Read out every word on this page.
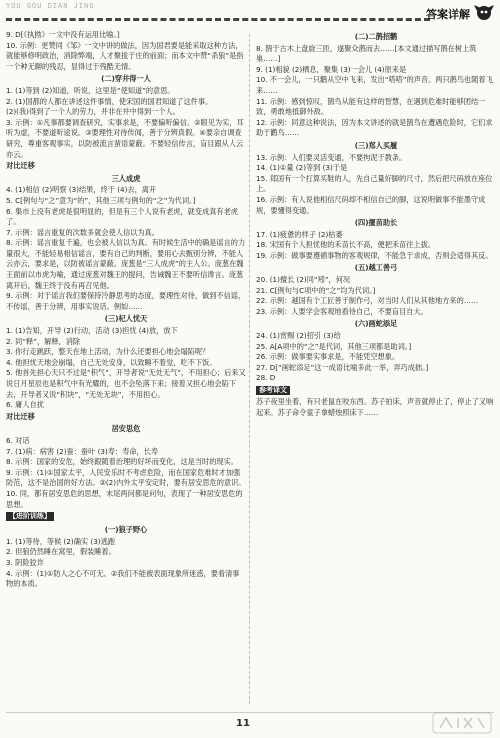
YOU GOU DIAN JING
答案详解
9. D[《执拗》一文中没有运用比喻。]
10. 示例：更赞同《邹》一文中讲的做法，因为国君要是能采取这种方法，就能够修明政治，消除弊端，人才聚拢于庄的前面；而本文中赞“杀狼”是指一个种无聊的残忍，显得过于残酷无情。
(二)穿井得一人
1. (1)等到 (2)知道，听说，这里是“使知道”的意思。
2. (1)国都的人都在讲述这件事情，使宋国的国君知道了这件事。
(2)(我)得到了一个人的劳力，并非在井中得到一个人。
3. 示例：①凡事都要调查研究，实事求是，不要偏听偏信。②眼见为实，耳听为虚，不要道听途说。③要理性对待传闻，善于分辨真假。④要亲自调查研究，尊重客观事实，以防被流言蜚语蒙蔽。不要轻信传言，盲目跟从人云亦云。
对比迁移
三人成虎
4. (1)相信 (2)明察 (3)结果，终于 (4)去，离开
5. C[例句与“之”意为“的”，其他三项与例句的“之”为代词。]
6. 集市上没有老虎是很明显的，但是有三个人说有老虎，就变成真有老虎了。
7. 示例：谣言重复的次数多就会使人信以为真。
8. 示例：谣言重复千遍，也会被人信以为真。有时候生活中的确是谣言的力量很大，不能轻易相信谣言，要有自己的判断，要用心去甄别分辨，不能人云亦云，要求是，以防被谣言蒙蔽。庞葱是“三人成虎”的主人公。庞葱在魏王面前以市虎为喻，通过庞葱对魏王的提问，告诫魏王不要听信谗言。庞葱离开后，魏王终于没有再召见他。
9. 示例：对于谣言我们要保持冷静思考的态度，要理性对待，做到不信谣，不传谣，善于分辨，用事实说话。例如……
(三)杞人忧天
1. (1)告知，开导 (2)行动，活动 (3)担忧 (4)放，放下
2. 同“释”，解释，消除
3. 你行走跳跃，整天在地上活动，为什么还要担心地会塌陷呢？
4. 他担忧天地会崩塌，自己无处安身，以致睡不着觉，吃不下饭。
5. 他首先担心天只不过是“积气”，开导者说“无处无气”，不用担心；后来又说日月星辰也是积气中有光耀的，也不会坠落下来；接着又担心地会陷下去，开导者又说“积块”，“无处无块”，不用担心。
6. 庸人自扰
对比迁移
居安思危
6. 对话
7. (1)病：病害 (2)蚕：蚕叶 (3)寿：寿命，长寿
8. 示例：国家的安危，始终跟随着治理的好坏而变化，这是当时的现实。
9. 示例：(1)①国家太平，人民安乐时不考虑危险，而在国家危难时才加强防范，这不是治国的好方法。②(2)内外太平安定时，要有居安思危的意识。
10. 同，都有居安思危的思想，末尾两问都是问句，表现了一种居安思危的思想。
【进阶训练】

(一)狼子野心
1. (1)等待，等候 (2)确实 (3)逃跑
2. 但狼仍然睡在窝里，假装睡着。
3. 阴险狡诈
4. 示例：(1)①防人之心不可无。②我们不能被表面现象所迷惑，要看清事物的本质。
(二)二鹊招鹳
8. 鹊于古木上盘旋三匝，遂聚众鹊而去……[本文通过描写鹊在树上筑巢……]
9. (1)相貌 (2)栖息，聚集 (3)一会儿 (4)原来是
10. 不一会儿，一只鹳从空中飞来，发出“嗒嗒”的声音。两只鹊鸟也随着飞来……
11. 示例：感到惊叹，鹊鸟从能有这样的智慧，在遇到危难时能够团结一致，勇敢地抵御外敌。
12. 示例：同意这种说法，因为本文讲述的就是鹊鸟在遭遇危险时，它们求助于鹳鸟……
(三)郑人买履
13. 示例：人们要灵活变通，不要拘泥于教条。
14. (1)①量 (2)等到 (3)于是
15. 郑国有一个打算买鞋的人，先自己量好脚的尺寸，然后把尺码放在座位上。
16. 示例：有人说他相信尺码却不相信自己的脚，这说明做事不能墨守成规，要懂得变通。
(四)揠苗助长
17. (1)疲惫的样子 (2)枯萎
18. 宋国有个人担忧他的禾苗长不高，便把禾苗往上拔。
19. 示例：做事要遵循事物的客观规律，不能急于求成，否则会适得其反。
(五)越工善弓
20. (1)擅长 (2)同“矧”，何况
21. C[例句与C项中的“之”均为代词。]
22. 示例：越国有个工匠善于制作弓，对当时人们从其他地方来的……
23. 示例：人要学会客观地看待自己，不要盲目自大。
(六)画蛇添足
24. (1)赏赐 (2)招引 (3)给
25. A[A项中的“之”是代词，其他三项都是助词。]
26. 示例：做事要实事求是，不能凭空想象。
27. D[“画蛇添足”这一成语比喻多此一举，弄巧成拙。]
28. D
参考译文

苏子夜里坐着，有只老鼠在咬东西。苏子拍床，声音就停止了，停止了又响起来。苏子命令童子拿蜡烛照床下……
11
